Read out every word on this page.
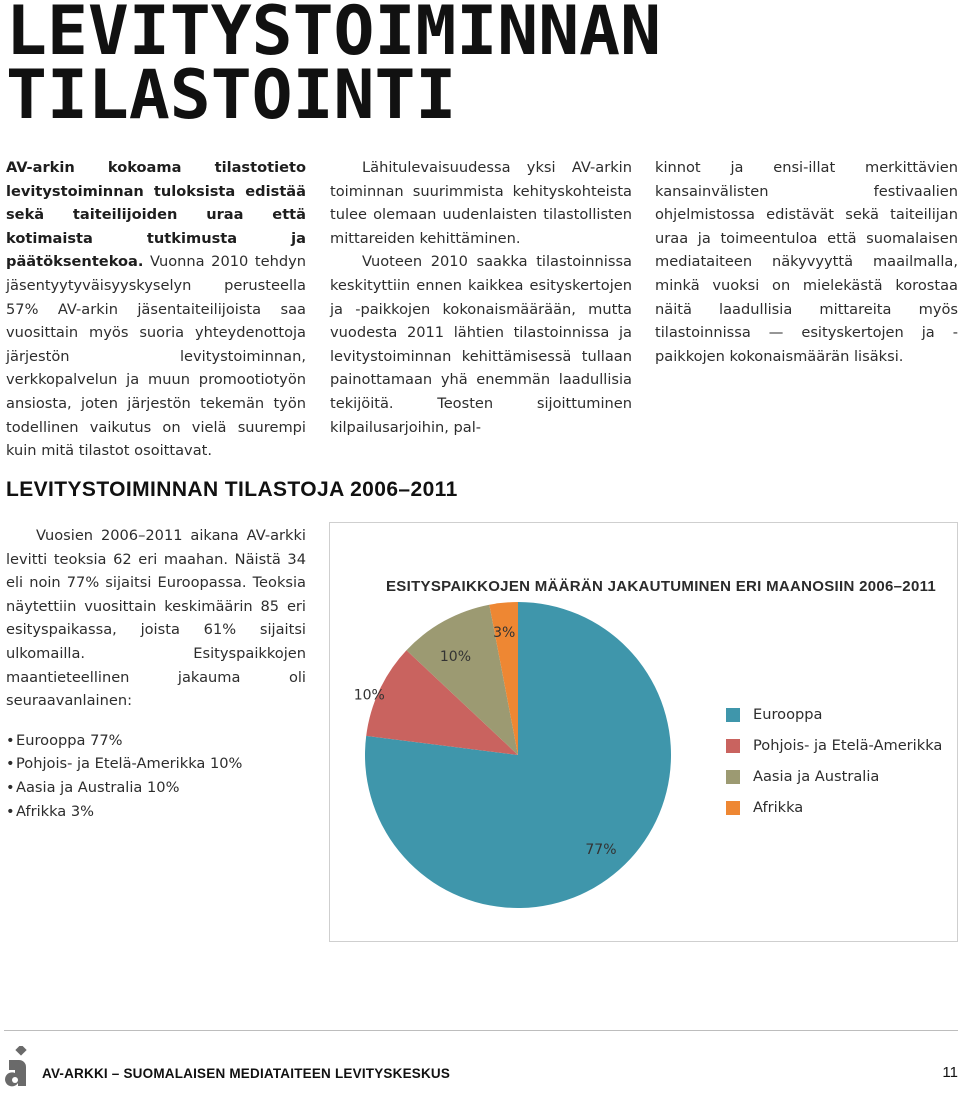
LEVITYSTOIMINNAN
TILASTOINTI

AV-arkin kokoama tilastotieto levitystoiminnan tuloksista edistää sekä taiteilijoiden uraa että kotimaista tutkimusta ja päätöksentekoa. Vuonna 2010 tehdyn jäsentyytyväisyyskyselyn perusteella 57% AV-arkin jäsentaiteilijoista saa vuosittain myös suoria yhteydenottoja järjestön levitystoiminnan, verkkopalvelun ja muun promootiotyön ansiosta, joten järjestön tekemän työn todellinen vaikutus on vielä suurempi kuin mitä tilastot osoittavat.

Lähitulevaisuudessa yksi AV-arkin toiminnan suurimmista kehityskohteista tulee olemaan uudenlaisten tilastollisten mittareiden kehittäminen.

Vuoteen 2010 saakka tilastoinnissa keskityttiin ennen kaikkea esityskertojen ja -paikkojen kokonaismäärään, mutta vuodesta 2011 lähtien tilastoinnissa ja levitystoiminnan kehittämisessä tullaan painottamaan yhä enemmän laadullisia tekijöitä. Teosten sijoittuminen kilpailusarjoihin, pal-

kinnot ja ensi-illat merkittävien kansainvälisten festivaalien ohjelmistossa edistävät sekä taiteilijan uraa ja toimeentuloa että suomalaisen mediataiteen näkyvyyttä maailmalla, minkä vuoksi on mielekästä korostaa näitä laadullisia mittareita myös tilastoinnissa — esityskertojen ja -paikkojen kokonaismäärän lisäksi.

LEVITYSTOIMINNAN TILASTOJA 2006–2011

Vuosien 2006–2011 aikana AV-arkki levitti teoksia 62 eri maahan. Näistä 34 eli noin 77% sijaitsi Euroopassa. Teoksia näytettiin vuosittain keskimäärin 85 eri esityspaikassa, joista 61% sijaitsi ulkomailla. Esityspaikkojen maantieteellinen jakauma oli seuraavanlainen:

• Eurooppa 77%
• Pohjois- ja Etelä-Amerikka 10%
• Aasia ja Australia 10%
• Afrikka 3%
ESITYSPAIKKOJEN MÄÄRÄN JAKAUTUMINEN ERI MAANOSIIN 2006–2011
77%
10%
10%
3%
Eurooppa
Pohjois- ja Etelä-Amerikka
Aasia ja Australia
Afrikka
AV-ARKKI – SUOMALAISEN MEDIATAITEEN LEVITYSKESKUS	11
